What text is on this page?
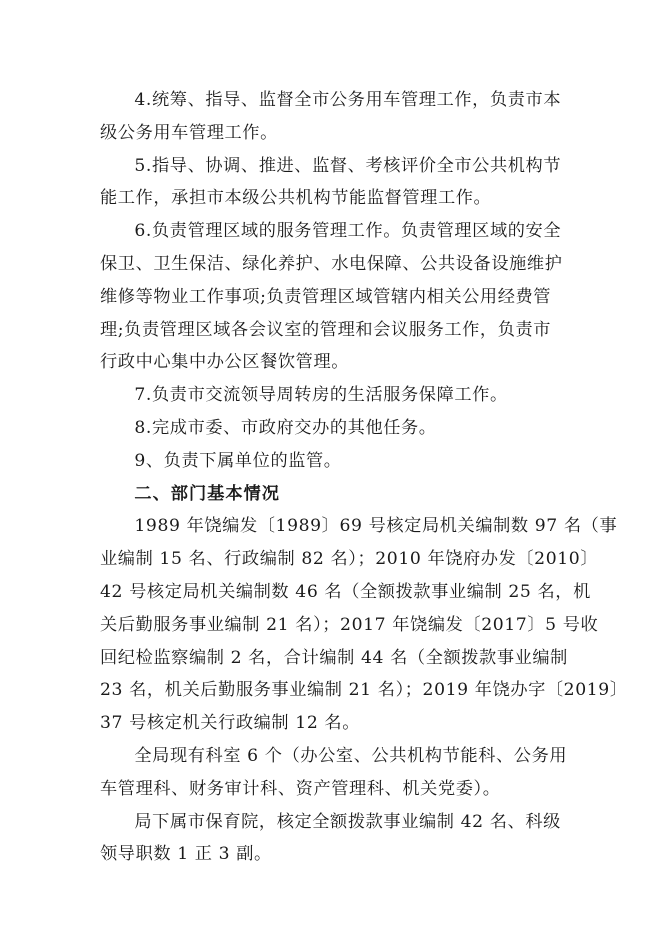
4.统筹、指导、监督全市公务用车管理工作，负责市本
级公务用车管理工作。
5.指导、协调、推进、监督、考核评价全市公共机构节
能工作，承担市本级公共机构节能监督管理工作。
6.负责管理区域的服务管理工作。负责管理区域的安全
保卫、卫生保洁、绿化养护、水电保障、公共设备设施维护
维修等物业工作事项;负责管理区域管辖内相关公用经费管
理;负责管理区域各会议室的管理和会议服务工作，负责市
行政中心集中办公区餐饮管理。
7.负责市交流领导周转房的生活服务保障工作。
8.完成市委、市政府交办的其他任务。
9、负责下属单位的监管。
二、部门基本情况
1989 年饶编发〔1989〕69 号核定局机关编制数 97 名（事
业编制 15 名、行政编制 82 名）；2010 年饶府办发〔2010〕
42 号核定局机关编制数 46 名（全额拨款事业编制 25 名，机
关后勤服务事业编制 21 名）；2017 年饶编发〔2017〕5 号收
回纪检监察编制 2 名，合计编制 44 名（全额拨款事业编制
23 名，机关后勤服务事业编制 21 名）；2019 年饶办字〔2019〕
37 号核定机关行政编制 12 名。
全局现有科室 6 个（办公室、公共机构节能科、公务用
车管理科、财务审计科、资产管理科、机关党委）。
局下属市保育院，核定全额拨款事业编制 42 名、科级
领导职数 1 正 3 副。
